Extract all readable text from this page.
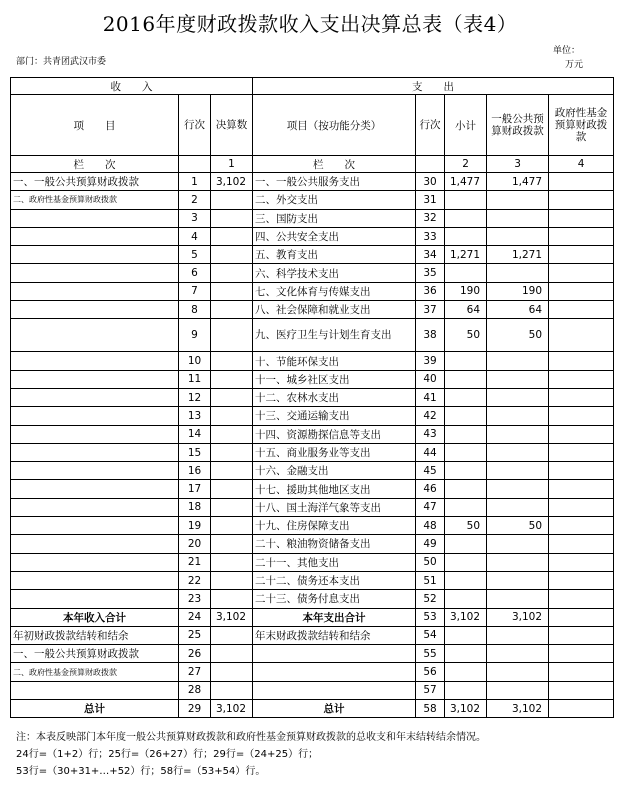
2016年度财政拨款收入支出决算总表（表4）
部门：共青团武汉市委
单位：
万元
收　　入			支　　出				
项　　目	行次	决算数	项目（按功能分类）	行次	小计	一般公共预算财政拨款	政府性基金预算财政拨款
栏　　次		1	栏　　次		2	3	4
一、一般公共预算财政拨款	1	3,102	一、一般公共服务支出	30	1,477	1,477	
二、政府性基金预算财政拨款	2		二、外交支出	31			
	3		三、国防支出	32			
	4		四、公共安全支出	33			
	5		五、教育支出	34	1,271	1,271	
	6		六、科学技术支出	35			
	7		七、文化体育与传媒支出	36	190	190	
	8		八、社会保障和就业支出	37	64	64	
	9		九、医疗卫生与计划生育支出	38	50	50	
	10		十、节能环保支出	39			
	11		十一、城乡社区支出	40			
	12		十二、农林水支出	41			
	13		十三、交通运输支出	42			
	14		十四、资源勘探信息等支出	43			
	15		十五、商业服务业等支出	44			
	16		十六、金融支出	45			
	17		十七、援助其他地区支出	46			
	18		十八、国土海洋气象等支出	47			
	19		十九、住房保障支出	48	50	50	
	20		二十、粮油物资储备支出	49			
	21		二十一、其他支出	50			
	22		二十二、债务还本支出	51			
	23		二十三、债务付息支出	52			
本年收入合计	24	3,102	本年支出合计	53	3,102	3,102	
年初财政拨款结转和结余	25		年末财政拨款结转和结余	54			
一、一般公共预算财政拨款	26			55			
二、政府性基金预算财政拨款	27			56			
	28			57			
总计	29	3,102	总计	58	3,102	3,102	
注：本表反映部门本年度一般公共预算财政拨款和政府性基金预算财政拨款的总收支和年末结转结余情况。
24行=（1+2）行；25行=（26+27）行；29行=（24+25）行；
53行=（30+31+…+52）行；58行=（53+54）行。
